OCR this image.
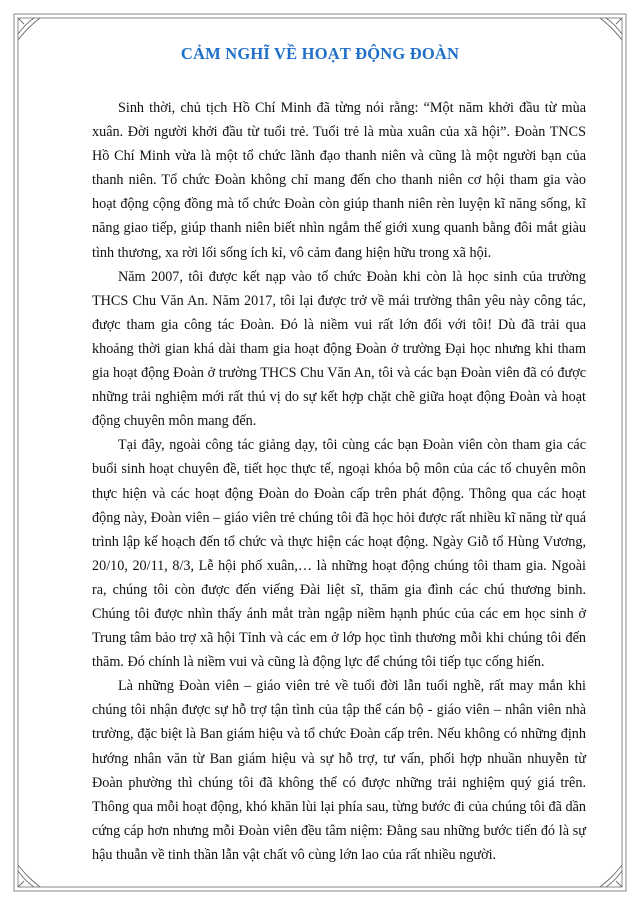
CẢM NGHĨ VỀ HOẠT ĐỘNG ĐOÀN

Sinh thời, chủ tịch Hồ Chí Minh đã từng nói rằng: “Một năm khởi đầu từ mùa xuân. Đời người khởi đầu từ tuổi trẻ. Tuổi trẻ là mùa xuân của xã hội”. Đoàn TNCS Hồ Chí Minh vừa là một tổ chức lãnh đạo thanh niên và cũng là một người bạn của thanh niên. Tổ chức Đoàn không chỉ mang đến cho thanh niên cơ hội tham gia vào hoạt động cộng đồng mà tổ chức Đoàn còn giúp thanh niên rèn luyện kĩ năng sống, kĩ năng giao tiếp, giúp thanh niên biết nhìn ngắm thế giới xung quanh bằng đôi mắt giàu tình thương, xa rời lối sống ích kỉ, vô cảm đang hiện hữu trong xã hội.

Năm 2007, tôi được kết nạp vào tổ chức Đoàn khi còn là học sinh của trường THCS Chu Văn An. Năm 2017, tôi lại được trở về mái trường thân yêu này công tác, được tham gia công tác Đoàn. Đó là niềm vui rất lớn đối với tôi! Dù đã trải qua khoảng thời gian khá dài tham gia hoạt động Đoàn ở trường Đại học nhưng khi tham gia hoạt động Đoàn ở trường THCS Chu Văn An, tôi và các bạn Đoàn viên đã có được những trải nghiệm mới rất thú vị do sự kết hợp chặt chẽ giữa hoạt động Đoàn và hoạt động chuyên môn mang đến.

Tại đây, ngoài công tác giảng dạy, tôi cùng các bạn Đoàn viên còn tham gia các buổi sinh hoạt chuyên đề, tiết học thực tế, ngoại khóa bộ môn của các tổ chuyên môn thực hiện và các hoạt động Đoàn do Đoàn cấp trên phát động. Thông qua các hoạt động này, Đoàn viên – giáo viên trẻ chúng tôi đã học hỏi được rất nhiều kĩ năng từ quá trình lập kế hoạch đến tổ chức và thực hiện các hoạt động. Ngày Giỗ tổ Hùng Vương, 20/10, 20/11, 8/3, Lễ hội phố xuân,… là những hoạt động chúng tôi tham gia. Ngoài ra, chúng tôi còn được đến viếng Đài liệt sĩ, thăm gia đình các chú thương binh. Chúng tôi được nhìn thấy ánh mắt tràn ngập niềm hạnh phúc của các em học sinh ở Trung tâm bảo trợ xã hội Tỉnh và các em ở lớp học tình thương mỗi khi chúng tôi đến thăm. Đó chính là niềm vui và cũng là động lực để chúng tôi tiếp tục cống hiến.

Là những Đoàn viên – giáo viên trẻ về tuổi đời lẫn tuổi nghề, rất may mắn khi chúng tôi nhận được sự hỗ trợ tận tình của tập thể cán bộ - giáo viên – nhân viên nhà trường, đặc biệt là Ban giám hiệu và tổ chức Đoàn cấp trên. Nếu không có những định hướng nhân văn từ Ban giám hiệu và sự hỗ trợ, tư vấn, phối hợp nhuần nhuyễn từ Đoàn phường thì chúng tôi đã không thể có được những trải nghiệm quý giá trên. Thông qua mỗi hoạt động, khó khăn lùi lại phía sau, từng bước đi của chúng tôi đã dần cứng cáp hơn nhưng mỗi Đoàn viên đều tâm niệm: Đằng sau những bước tiến đó là sự hậu thuẫn về tinh thần lẫn vật chất vô cùng lớn lao của rất nhiều người.
